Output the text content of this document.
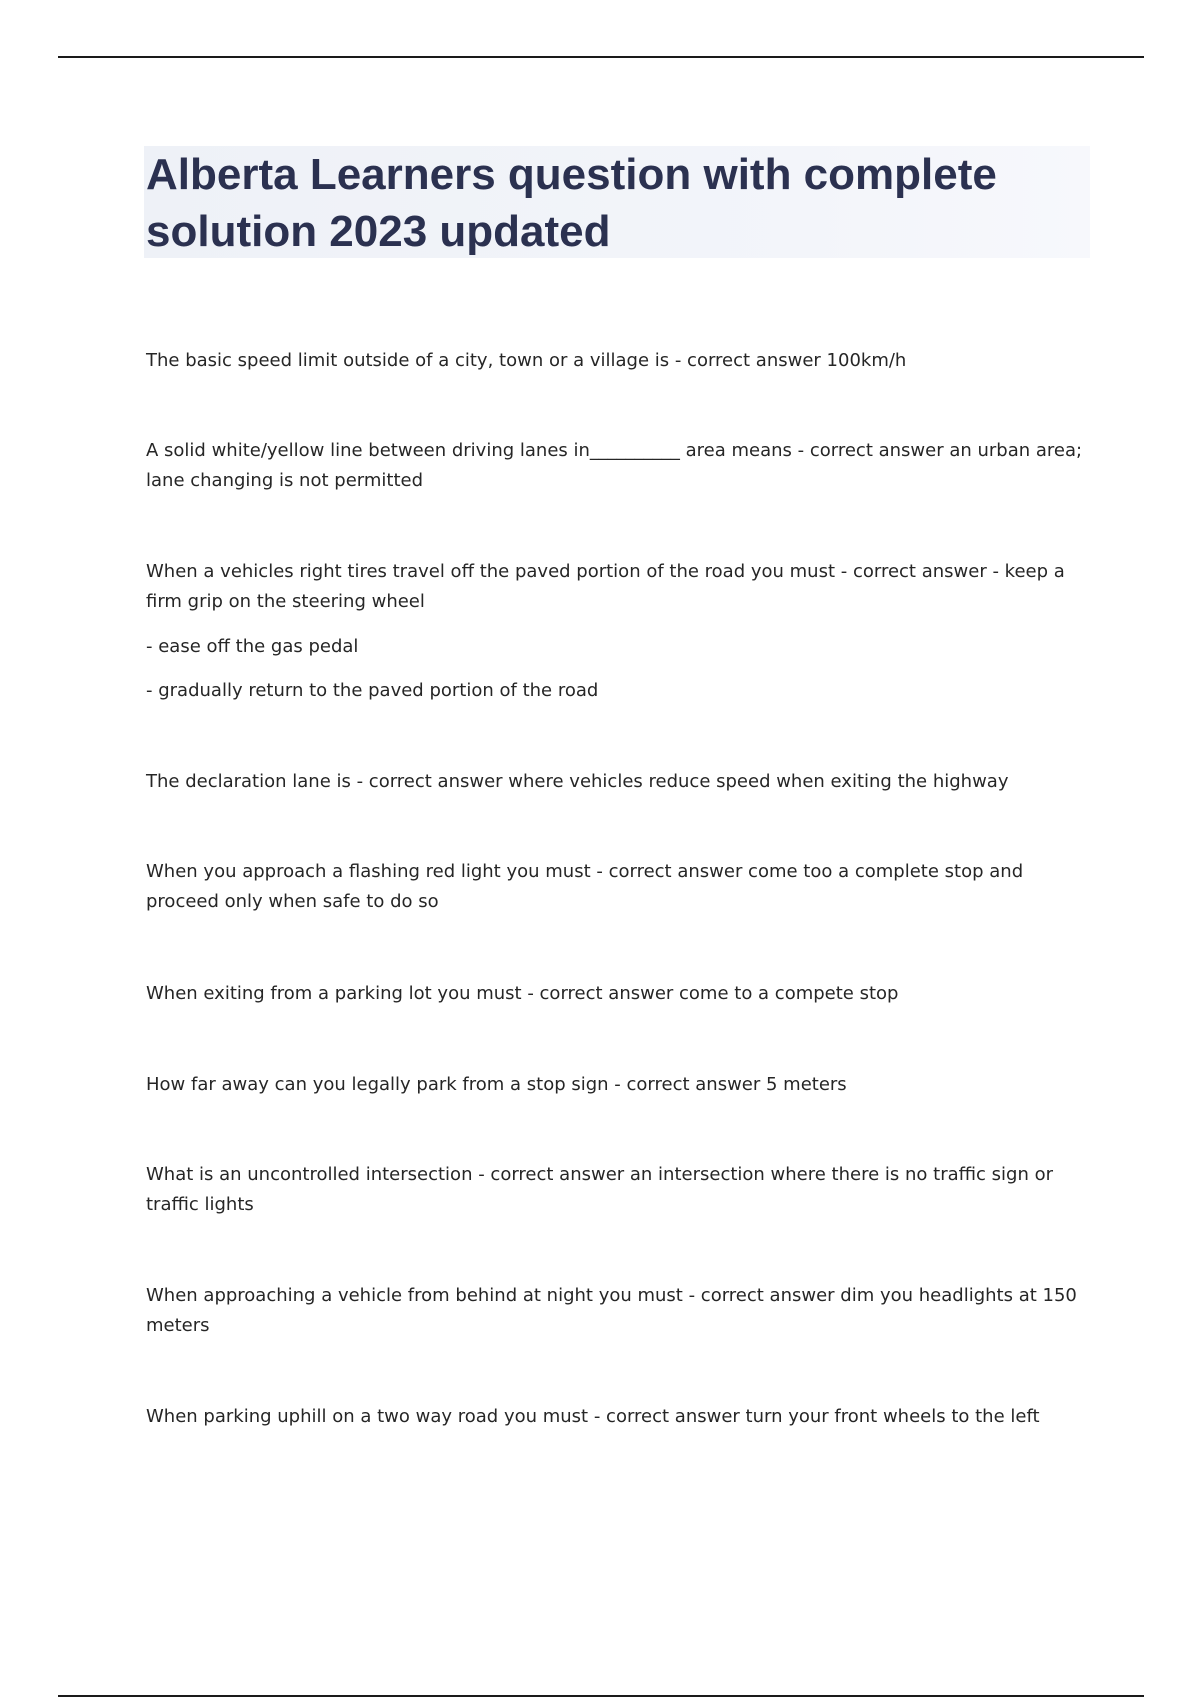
Alberta Learners question with complete
solution 2023 updated

The basic speed limit outside of a city, town or a village is - correct answer 100km/h

A solid white/yellow line between driving lanes in__________ area means - correct answer an urban area;
lane changing is not permitted

When a vehicles right tires travel off the paved portion of the road you must - correct answer - keep a
firm grip on the steering wheel

- ease off the gas pedal

- gradually return to the paved portion of the road

The declaration lane is - correct answer where vehicles reduce speed when exiting the highway

When you approach a flashing red light you must - correct answer come too a complete stop and
proceed only when safe to do so

When exiting from a parking lot you must - correct answer come to a compete stop

How far away can you legally park from a stop sign - correct answer 5 meters

What is an uncontrolled intersection - correct answer an intersection where there is no traffic sign or
traffic lights

When approaching a vehicle from behind at night you must - correct answer dim you headlights at 150
meters

When parking uphill on a two way road you must - correct answer turn your front wheels to the left
